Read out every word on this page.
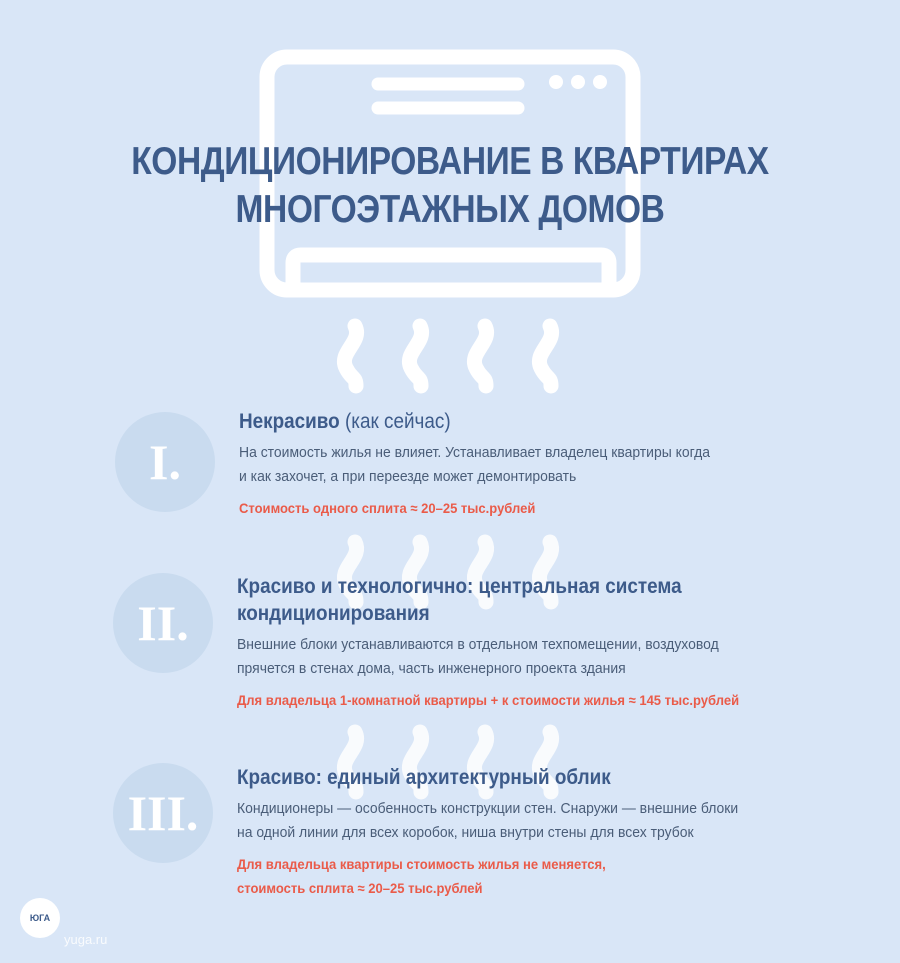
КОНДИЦИОНИРОВАНИЕ В КВАРТИРАХ
МНОГОЭТАЖНЫХ ДОМОВ
I.
Некрасиво (как сейчас)
На стоимость жилья не влияет. Устанавливает владелец квартиры когда
и как захочет, а при переезде может демонтировать
Стоимость одного сплита ≈ 20–25 тыс.рублей
II.
Красиво и технологично: центральная система
кондиционирования
Внешние блоки устанавливаются в отдельном техпомещении, воздуховод
прячется в стенах дома, часть инженерного проекта здания
Для владельца 1-комнатной квартиры + к стоимости жилья ≈ 145 тыс.рублей
III.
Красиво: единый архитектурный облик
Кондиционеры — особенность конструкции стен. Снаружи — внешние блоки
на одной линии для всех коробок, ниша внутри стены для всех трубок
Для владельца квартиры стоимость жилья не меняется,
стоимость сплита ≈ 20–25 тыс.рублей
ЮГА
yuga.ru
